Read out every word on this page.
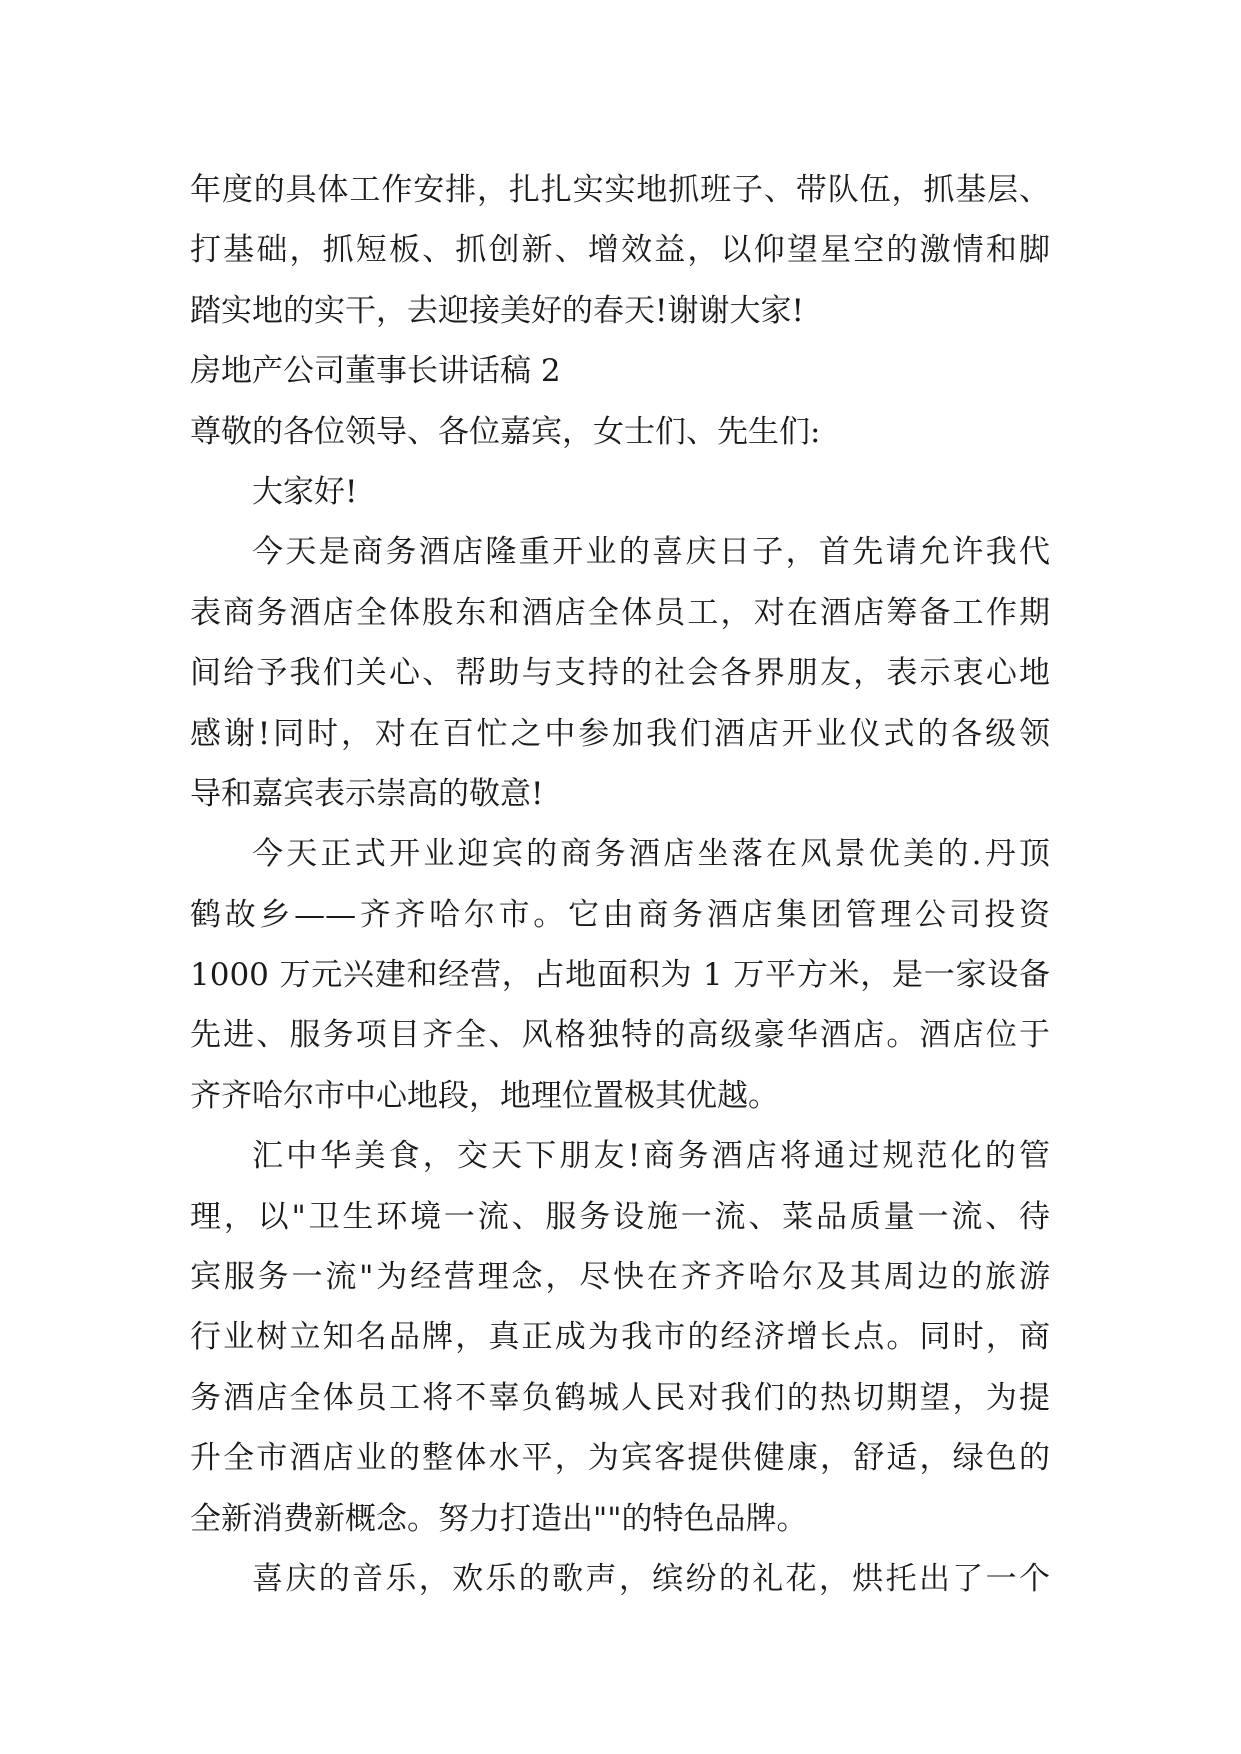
年度的具体工作安排，扎扎实实地抓班子、带队伍，抓基层、
打基础，抓短板、抓创新、增效益，以仰望星空的激情和脚
踏实地的实干，去迎接美好的春天!谢谢大家!
房地产公司董事长讲话稿 2
尊敬的各位领导、各位嘉宾，女士们、先生们:
大家好!
今天是商务酒店隆重开业的喜庆日子，首先请允许我代
表商务酒店全体股东和酒店全体员工，对在酒店筹备工作期
间给予我们关心、帮助与支持的社会各界朋友，表示衷心地
感谢!同时，对在百忙之中参加我们酒店开业仪式的各级领
导和嘉宾表示崇高的敬意!
今天正式开业迎宾的商务酒店坐落在风景优美的.丹顶
鹤故乡——齐齐哈尔市。它由商务酒店集团管理公司投资
1000 万元兴建和经营，占地面积为 1 万平方米，是一家设备
先进、服务项目齐全、风格独特的高级豪华酒店。酒店位于
齐齐哈尔市中心地段，地理位置极其优越。
汇中华美食，交天下朋友!商务酒店将通过规范化的管
理，以"卫生环境一流、服务设施一流、菜品质量一流、待
宾服务一流"为经营理念，尽快在齐齐哈尔及其周边的旅游
行业树立知名品牌，真正成为我市的经济增长点。同时，商
务酒店全体员工将不辜负鹤城人民对我们的热切期望，为提
升全市酒店业的整体水平，为宾客提供健康，舒适，绿色的
全新消费新概念。努力打造出""的特色品牌。
喜庆的音乐，欢乐的歌声，缤纷的礼花，烘托出了一个
